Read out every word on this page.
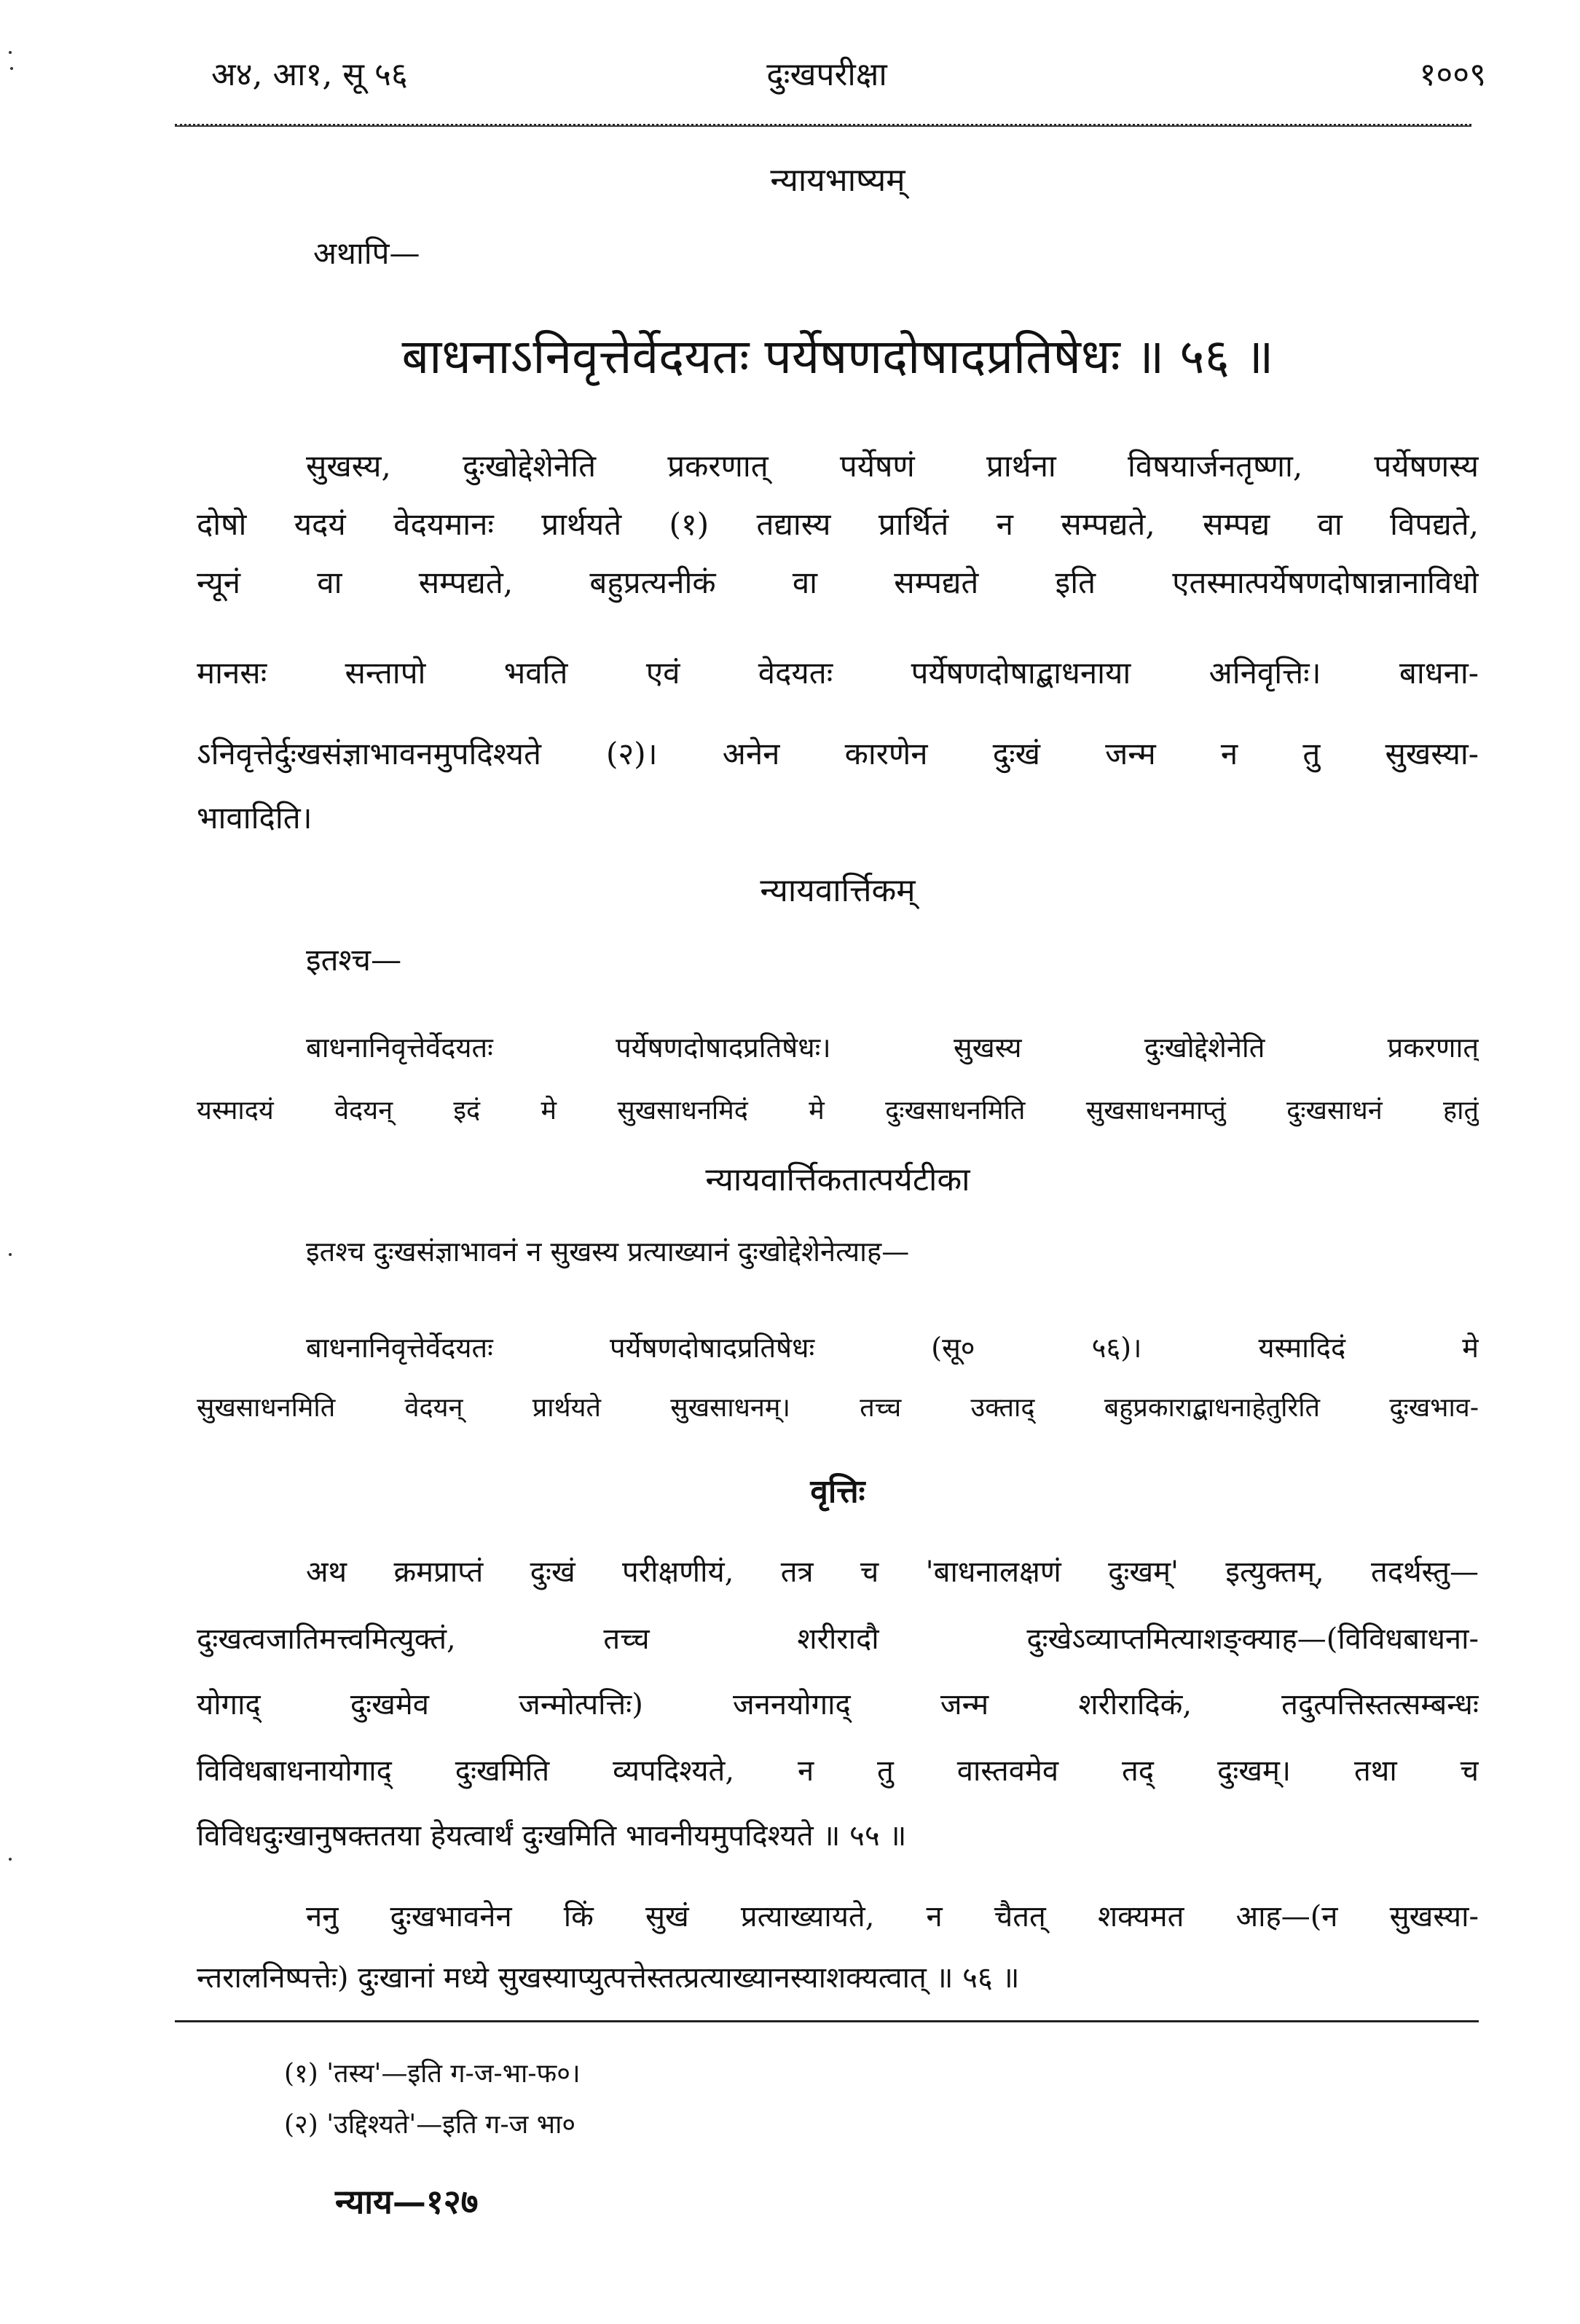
अ४, आ१, सू ५६	दुःखपरीक्षा	१००९
न्यायभाष्यम्
अथापि—
बाधनाऽनिवृत्तेर्वेदयतः पर्येषणदोषादप्रतिषेधः ॥ ५६ ॥
सुखस्य, दुःखोद्देशेनेति प्रकरणात् पर्येषणं प्रार्थना विषयार्जनतृष्णा, पर्येषणस्य
दोषो यदयं वेदयमानः प्रार्थयते (१) तद्यास्य प्रार्थितं न सम्पद्यते, सम्पद्य वा विपद्यते,
न्यूनं वा सम्पद्यते, बहुप्रत्यनीकं वा सम्पद्यते इति एतस्मात्पर्येषणदोषान्नानाविधो
मानसः सन्तापो भवति एवं वेदयतः पर्येषणदोषाद्बाधनाया अनिवृत्तिः। बाधना-
ऽनिवृत्तेर्दुःखसंज्ञाभावनमुपदिश्यते (२)। अनेन कारणेन दुःखं जन्म न तु सुखस्या-
भावादिति।
न्यायवार्त्तिकम्
इतश्च—
बाधनानिवृत्तेर्वेदयतः पर्येषणदोषादप्रतिषेधः। सुखस्य दुःखोद्देशेनेति प्रकरणात्
यस्मादयं वेदयन् इदं मे सुखसाधनमिदं मे दुःखसाधनमिति सुखसाधनमाप्तुं दुःखसाधनं हातुं
न्यायवार्त्तिकतात्पर्यटीका
इतश्च दुःखसंज्ञाभावनं न सुखस्य प्रत्याख्यानं दुःखोद्देशेनेत्याह—
बाधनानिवृत्तेर्वेदयतः पर्येषणदोषादप्रतिषेधः (सू० ५६)। यस्मादिदं मे
सुखसाधनमिति वेदयन् प्रार्थयते सुखसाधनम्। तच्च उक्ताद् बहुप्रकाराद्बाधनाहेतुरिति दुःखभाव-
वृत्तिः
अथ क्रमप्राप्तं दुःखं परीक्षणीयं, तत्र च 'बाधनालक्षणं दुःखम्' इत्युक्तम्, तदर्थस्तु—
दुःखत्वजातिमत्त्वमित्युक्तं, तच्च शरीरादौ दुःखेऽव्याप्तमित्याशङ्क्याह—(विविधबाधना-
योगाद् दुःखमेव जन्मोत्पत्तिः) जननयोगाद् जन्म शरीरादिकं, तदुत्पत्तिस्तत्सम्बन्धः
विविधबाधनायोगाद् दुःखमिति व्यपदिश्यते, न तु वास्तवमेव तद् दुःखम्। तथा च
विविधदुःखानुषक्ततया हेयत्वार्थं दुःखमिति भावनीयमुपदिश्यते ॥ ५५ ॥
ननु दुःखभावनेन किं सुखं प्रत्याख्यायते, न चैतत् शक्यमत आह—(न सुखस्या-
न्तरालनिष्पत्तेः) दुःखानां मध्ये सुखस्याप्युत्पत्तेस्तत्प्रत्याख्यानस्याशक्यत्वात् ॥ ५६ ॥
(१) 'तस्य'—इति ग-ज-भा-फ०।
(२) 'उद्दिश्यते'—इति ग-ज भा०
न्याय—१२७
